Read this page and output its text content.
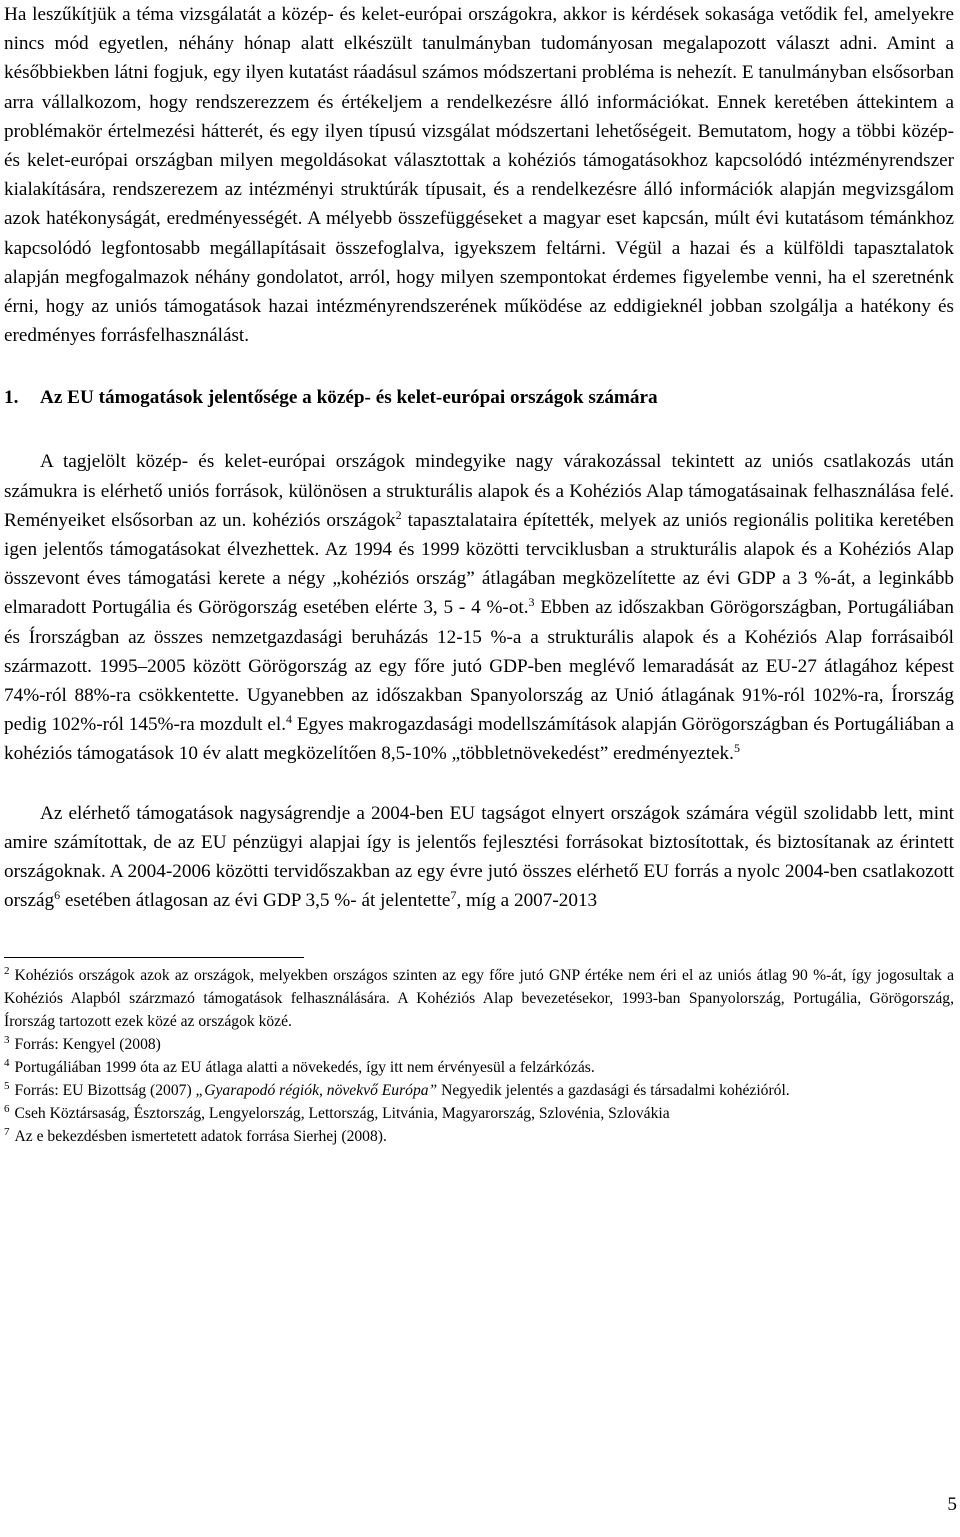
Ha leszűkítjük a téma vizsgálatát a közép- és kelet-európai országokra, akkor is kérdések sokasága vetődik fel, amelyekre nincs mód egyetlen, néhány hónap alatt elkészült tanulmányban tudományosan megalapozott választ adni. Amint a későbbiekben látni fogjuk, egy ilyen kutatást ráadásul számos módszertani probléma is nehezít. E tanulmányban elsősorban arra vállalkozom, hogy rendszerezzem és értékeljem a rendelkezésre álló információkat. Ennek keretében áttekintem a problémakör értelmezési hátterét, és egy ilyen típusú vizsgálat módszertani lehetőségeit. Bemutatom, hogy a többi közép- és kelet-európai országban milyen megoldásokat választottak a kohéziós támogatásokhoz kapcsolódó intézményrendszer kialakítására, rendszerezem az intézményi struktúrák típusait, és a rendelkezésre álló információk alapján megvizsgálom azok hatékonyságát, eredményességét. A mélyebb összefüggéseket a magyar eset kapcsán, múlt évi kutatásom témánkhoz kapcsolódó legfontosabb megállapításait összefoglalva, igyekszem feltárni. Végül a hazai és a külföldi tapasztalatok alapján megfogalmazok néhány gondolatot, arról, hogy milyen szempontokat érdemes figyelembe venni, ha el szeretnénk érni, hogy az uniós támogatások hazai intézményrendszerének működése az eddigieknél jobban szolgálja a hatékony és eredményes forrásfelhasználást.

1. Az EU támogatások jelentősége a közép- és kelet-európai országok számára

A tagjelölt közép- és kelet-európai országok mindegyike nagy várakozással tekintett az uniós csatlakozás után számukra is elérhető uniós források, különösen a strukturális alapok és a Kohéziós Alap támogatásainak felhasználása felé. Reményeiket elsősorban az un. kohéziós országok$^2$ tapasztalataira építették, melyek az uniós regionális politika keretében igen jelentős támogatásokat élvezhettek. Az 1994 és 1999 közötti tervciklusban a strukturális alapok és a Kohéziós Alap összevont éves támogatási kerete a négy „kohéziós ország” átlagában megközelítette az évi GDP a 3 %-át, a leginkább elmaradott Portugália és Görögország esetében elérte 3, 5 - 4 %-ot.$^3$ Ebben az időszakban Görögországban, Portugáliában és Írországban az összes nemzetgazdasági beruházás 12-15 %-a a strukturális alapok és a Kohéziós Alap forrásaiból származott. 1995–2005 között Görögország az egy főre jutó GDP-ben meglévő lemaradását az EU-27 átlagához képest 74%-ról 88%-ra csökkentette. Ugyanebben az időszakban Spanyolország az Unió átlagának 91%-ról 102%-ra, Írország pedig 102%-ról 145%-ra mozdult el.$^4$ Egyes makrogazdasági modellszámítások alapján Görögországban és Portugáliában a kohéziós támogatások 10 év alatt megközelítően 8,5-10% „többletnövekedést” eredményeztek.$^5$

Az elérhető támogatások nagyságrendje a 2004-ben EU tagságot elnyert országok számára végül szolidabb lett, mint amire számítottak, de az EU pénzügyi alapjai így is jelentős fejlesztési forrásokat biztosítottak, és biztosítanak az érintett országoknak. A 2004-2006 közötti tervidőszakban az egy évre jutó összes elérhető EU forrás a nyolc 2004-ben csatlakozott ország$^6$ esetében átlagosan az évi GDP 3,5 %- át jelentette$^7$, míg a 2007-2013

$^2$ Kohéziós országok azok az országok, melyekben országos szinten az egy főre jutó GNP értéke nem éri el az uniós átlag 90 %-át, így jogosultak a Kohéziós Alapból szárzmazó támogatások felhasználására. A Kohéziós Alap bevezetésekor, 1993-ban Spanyolország, Portugália, Görögország, Írország tartozott ezek közé az országok közé.

$^3$ Forrás: Kengyel (2008)

$^4$ Portugáliában 1999 óta az EU átlaga alatti a növekedés, így itt nem érvényesül a felzárkózás.

$^5$ Forrás: EU Bizottság (2007) „Gyarapodó régiók, növekvő Európa” Negyedik jelentés a gazdasági és társadalmi kohézióról.

$^6$ Cseh Köztársaság, Észtország, Lengyelország, Lettország, Litvánia, Magyarország, Szlovénia, Szlovákia

$^7$ Az e bekezdésben ismertetett adatok forrása Sierhej (2008).

5
